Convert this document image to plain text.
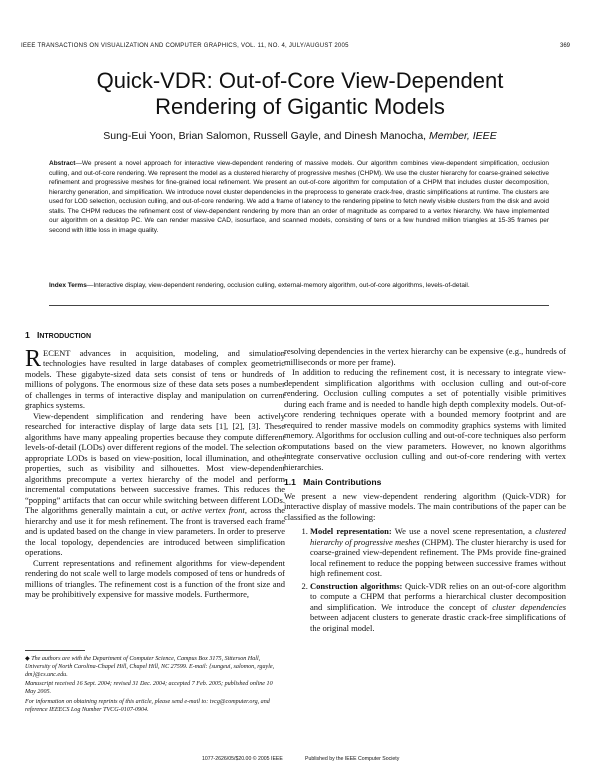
IEEE TRANSACTIONS ON VISUALIZATION AND COMPUTER GRAPHICS, VOL. 11, NO. 4, JULY/AUGUST 2005	369
Quick-VDR: Out-of-Core View-Dependent
Rendering of Gigantic Models
Sung-Eui Yoon, Brian Salomon, Russell Gayle, and Dinesh Manocha, Member, IEEE
Abstract—We present a novel approach for interactive view-dependent rendering of massive models. Our algorithm combines view-dependent simplification, occlusion culling, and out-of-core rendering. We represent the model as a clustered hierarchy of progressive meshes (CHPM). We use the cluster hierarchy for coarse-grained selective refinement and progressive meshes for fine-grained local refinement. We present an out-of-core algorithm for computation of a CHPM that includes cluster decomposition, hierarchy generation, and simplification. We introduce novel cluster dependencies in the preprocess to generate crack-free, drastic simplifications at runtime. The clusters are used for LOD selection, occlusion culling, and out-of-core rendering. We add a frame of latency to the rendering pipeline to fetch newly visible clusters from the disk and avoid stalls. The CHPM reduces the refinement cost of view-dependent rendering by more than an order of magnitude as compared to a vertex hierarchy. We have implemented our algorithm on a desktop PC. We can render massive CAD, isosurface, and scanned models, consisting of tens or a few hundred million triangles at 15-35 frames per second with little loss in image quality.
Index Terms—Interactive display, view-dependent rendering, occlusion culling, external-memory algorithm, out-of-core algorithms, levels-of-detail.
1 INTRODUCTION

RECENT advances in acquisition, modeling, and simulation technologies have resulted in large databases of complex geometric models. These gigabyte-sized data sets consist of tens or hundreds of millions of polygons. The enormous size of these data sets poses a number of challenges in terms of interactive display and manipulation on current graphics systems.

View-dependent simplification and rendering have been actively researched for interactive display of large data sets [1], [2], [3]. These algorithms have many appealing properties because they compute different levels-of-detail (LODs) over different regions of the model. The selection of appropriate LODs is based on view-position, local illumination, and other properties, such as visibility and silhouettes. Most view-dependent algorithms precompute a vertex hierarchy of the model and perform incremental computations between successive frames. This reduces the “popping” artifacts that can occur while switching between different LODs. The algorithms generally maintain a cut, or active vertex front, across the hierarchy and use it for mesh refinement. The front is traversed each frame and is updated based on the change in view parameters. In order to preserve the local topology, dependencies are introduced between simplification operations.

Current representations and refinement algorithms for view-dependent rendering do not scale well to large models composed of tens or hundreds of millions of triangles. The refinement cost is a function of the front size and may be prohibitively expensive for massive models. Furthermore,

resolving dependencies in the vertex hierarchy can be expensive (e.g., hundreds of milliseconds or more per frame).

In addition to reducing the refinement cost, it is necessary to integrate view-dependent simplification algorithms with occlusion culling and out-of-core rendering. Occlusion culling computes a set of potentially visible primitives during each frame and is needed to handle high depth complexity models. Out-of-core rendering techniques operate with a bounded memory footprint and are required to render massive models on commodity graphics systems with limited memory. Algorithms for occlusion culling and out-of-core techniques also perform computations based on the view parameters. However, no known algorithms integrate conservative occlusion culling and out-of-core rendering with vertex hierarchies.

1.1 Main Contributions

We present a new view-dependent rendering algorithm (Quick-VDR) for interactive display of massive models. The main contributions of the paper can be classified as the following:

1. Model representation: We use a novel scene representation, a clustered hierarchy of progressive meshes (CHPM). The cluster hierarchy is used for coarse-grained view-dependent refinement. The PMs provide fine-grained local refinement to reduce the popping between successive frames without high refinement cost.
2. Construction algorithms: Quick-VDR relies on an out-of-core algorithm to compute a CHPM that performs a hierarchical cluster decomposition and simplification. We introduce the concept of cluster dependencies between adjacent clusters to generate drastic crack-free simplifications of the original model.

◆ The authors are with the Department of Computer Science, Campus Box 3175, Sitterson Hall, University of North Carolina-Chapel Hill, Chapel Hill, NC 27599. E-mail: {sungeui, salomon, rgayle, dm}@cs.unc.edu.

Manuscript received 16 Sept. 2004; revised 31 Dec. 2004; accepted 7 Feb. 2005; published online 10 May 2005.

For information on obtaining reprints of this article, please send e-mail to: tvcg@computer.org, and reference IEEECS Log Number TVCG-0107-0904.

1077-2626/05/$20.00 © 2005 IEEE	Published by the IEEE Computer Society
